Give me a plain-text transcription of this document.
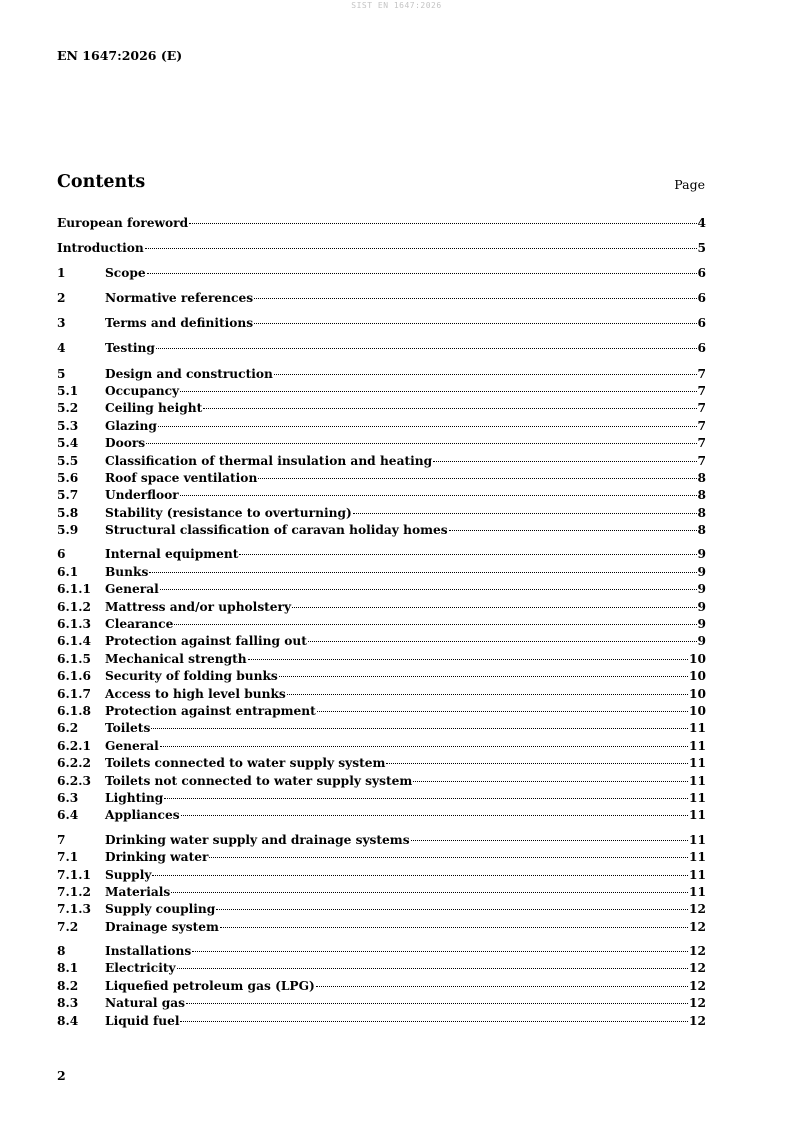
SIST EN 1647:2026
EN 1647:2026 (E)
Contents	Page
European foreword	4
Introduction	5
1	Scope	6
2	Normative references	6
3	Terms and definitions	6
4	Testing	6
5	Design and construction	7
5.1	Occupancy	7
5.2	Ceiling height	7
5.3	Glazing	7
5.4	Doors	7
5.5	Classification of thermal insulation and heating	7
5.6	Roof space ventilation	8
5.7	Underfloor	8
5.8	Stability (resistance to overturning)	8
5.9	Structural classification of caravan holiday homes	8
6	Internal equipment	9
6.1	Bunks	9
6.1.1	General	9
6.1.2	Mattress and/or upholstery	9
6.1.3	Clearance	9
6.1.4	Protection against falling out	9
6.1.5	Mechanical strength	10
6.1.6	Security of folding bunks	10
6.1.7	Access to high level bunks	10
6.1.8	Protection against entrapment	10
6.2	Toilets	11
6.2.1	General	11
6.2.2	Toilets connected to water supply system	11
6.2.3	Toilets not connected to water supply system	11
6.3	Lighting	11
6.4	Appliances	11
7	Drinking water supply and drainage systems	11
7.1	Drinking water	11
7.1.1	Supply	11
7.1.2	Materials	11
7.1.3	Supply coupling	12
7.2	Drainage system	12
8	Installations	12
8.1	Electricity	12
8.2	Liquefied petroleum gas (LPG)	12
8.3	Natural gas	12
8.4	Liquid fuel	12
2
